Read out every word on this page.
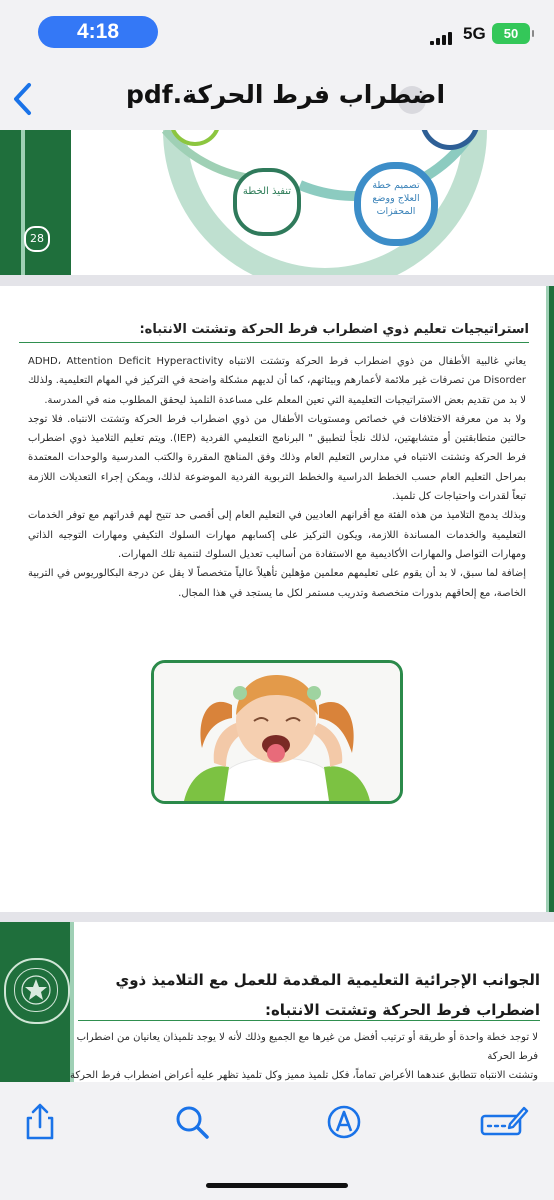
4:18	5G	50
اضطراب فرط الحركة.pdf
تنفيذ الخطة
تصميم خطة العلاج ووضع المحفزات
28
استراتيجيات تعليم ذوي اضطراب فرط الحركة وتشتت الانتباه:

يعاني غالبية الأطفال من ذوي اضطراب فرط الحركة وتشتت الانتباه ADHD، Attention Deficit Hyperactivity Disorder من تصرفات غير ملائمة لأعمارهم وبيئاتهم، كما أن لديهم مشكلة واضحة في التركيز في المهام التعليمية. ولذلك لا بد من تقديم بعض الاستراتيجيات التعليمية التي تعين المعلم على مساعدة التلميذ ليحقق المطلوب منه في المدرسة.

ولا بد من معرفة الاختلافات في خصائص ومستويات الأطفال من ذوي اضطراب فرط الحركة وتشتت الانتباه. فلا توجد حالتين متطابقتين أو متشابهتين، لذلك نلجأ لتطبيق " البرنامج التعليمي الفردية (IEP). ويتم تعليم التلاميذ ذوي اضطراب فرط الحركة وتشتت الانتباه في مدارس التعليم العام وذلك وفق المناهج المقررة والكتب المدرسية والوحدات المعتمدة بمراحل التعليم العام حسب الخطط الدراسية والخطط التربوية الفردية الموضوعة لذلك، ويمكن إجراء التعديلات اللازمة تبعاً لقدرات واحتياجات كل تلميذ.

وبذلك يدمج التلاميذ من هذه الفئة مع أقرانهم العاديين في التعليم العام إلى أقصى حد تتيح لهم قدراتهم مع توفر الخدمات التعليمية والخدمات المساندة اللازمة، ويكون التركيز على إكسابهم مهارات السلوك التكيفي ومهارات التوجيه الذاتي ومهارات التواصل والمهارات الأكاديمية مع الاستفادة من أساليب تعديل السلوك لتنمية تلك المهارات.

إضافة لما سبق، لا بد أن يقوم على تعليمهم معلمين مؤهلين تأهيلاً عالياً متخصصاً لا يقل عن درجة البكالوريوس في التربية الخاصة، مع إلحاقهم بدورات متخصصة وتدريب مستمر لكل ما يستجد في هذا المجال.

الجوانب الإجرائية التعليمية المقدمة للعمل مع التلاميذ ذوي اضطراب فرط الحركة وتشتت الانتباه:
لا توجد خطة واحدة أو طريقة أو ترتيب أفضل من غيرها مع الجميع وذلك لأنه لا يوجد تلميذان يعانيان من اضطراب فرط الحركة
وتشتت الانتباه تتطابق عندهما الأعراض تماماً، فكل تلميذ مميز وكل تلميذ تظهر عليه أعراض اضطراب فرط الحركة
